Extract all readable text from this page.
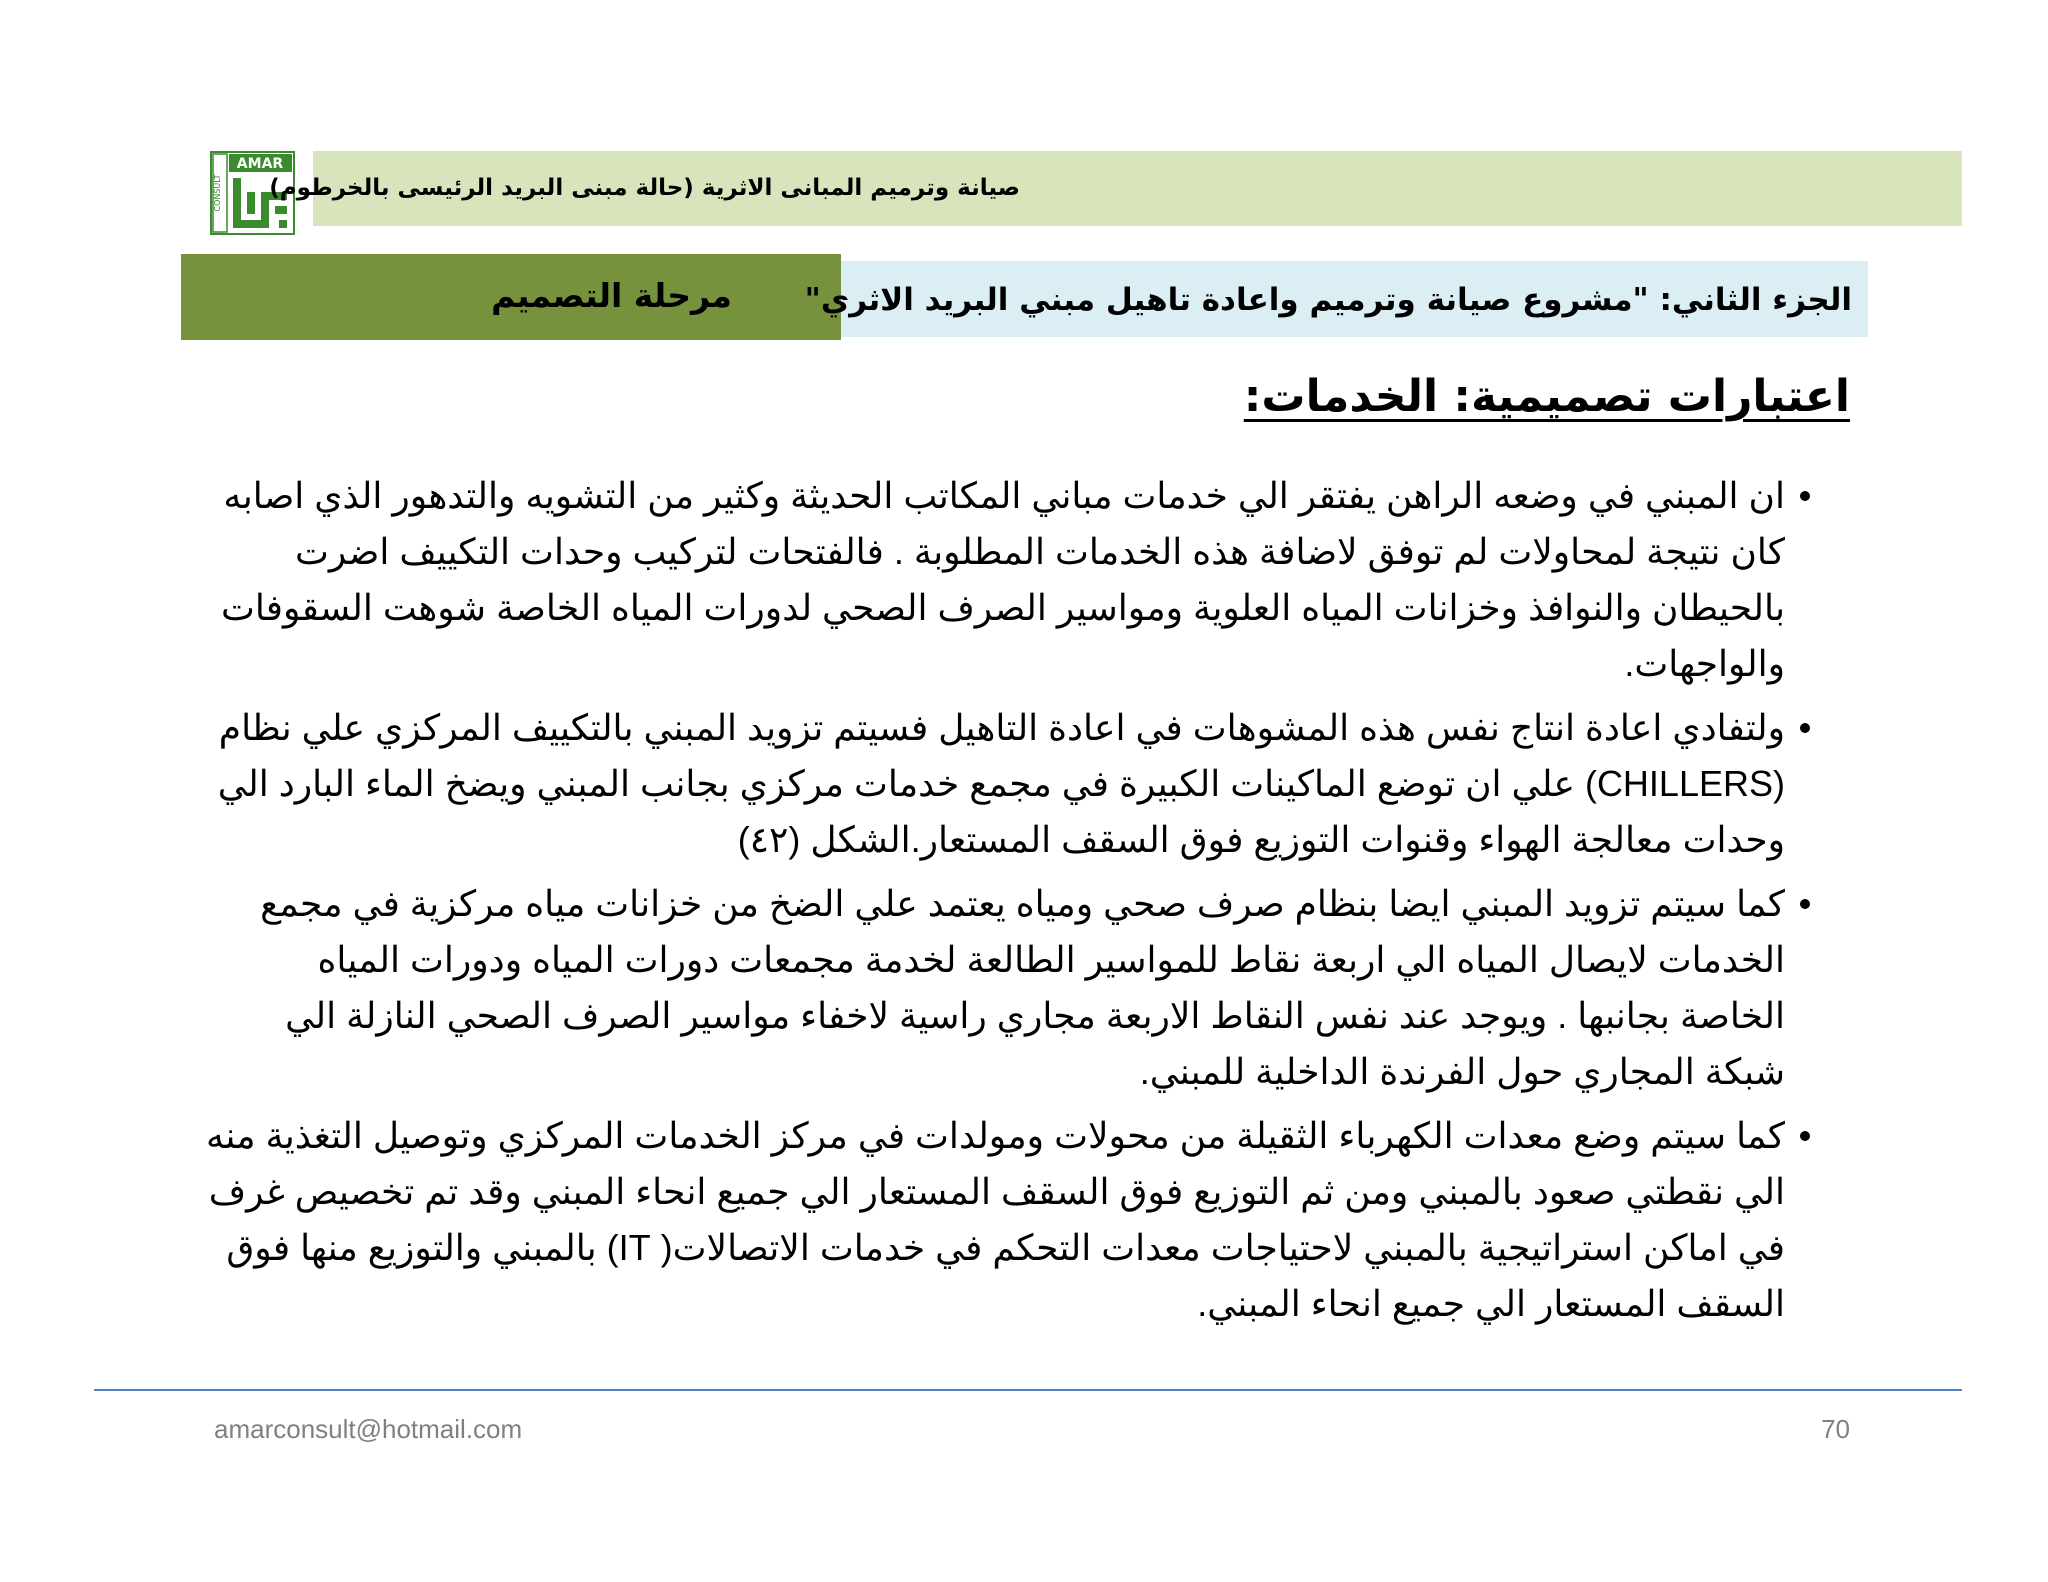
CONSULT
AMAR
صيانة وترميم المبانى الاثرية (حالة مبنى البريد الرئيسى بالخرطوم)
مرحلة التصميم الجزء الثاني: "مشروع صيانة وترميم واعادة تاهيل مبني البريد الاثري"
اعتبارات تصميمية: الخدمات:
ان المبني في وضعه الراهن يفتقر الي خدمات مباني المكاتب الحديثة وكثير من التشويه والتدهور الذي اصابه كان نتيجة لمحاولات لم توفق لاضافة هذه الخدمات المطلوبة . فالفتحات لتركيب وحدات التكييف اضرت بالحيطان والنوافذ وخزانات المياه العلوية ومواسير الصرف الصحي لدورات المياه الخاصة شوهت السقوفات والواجهات.
ولتفادي اعادة انتاج نفس هذه المشوهات في اعادة التاهيل فسيتم تزويد المبني بالتكييف المركزي علي نظام (CHILLERS) علي ان توضع الماكينات الكبيرة في مجمع خدمات مركزي بجانب المبني ويضخ الماء البارد الي وحدات معالجة الهواء وقنوات التوزيع فوق السقف المستعار.الشكل (٤٢)
كما سيتم تزويد المبني ايضا بنظام صرف صحي ومياه يعتمد علي الضخ من خزانات مياه مركزية في مجمع الخدمات لايصال المياه الي اربعة نقاط للمواسير الطالعة لخدمة مجمعات دورات المياه ودورات المياه الخاصة بجانبها . ويوجد عند نفس النقاط الاربعة مجاري راسية لاخفاء مواسير الصرف الصحي النازلة الي شبكة المجاري حول الفرندة الداخلية للمبني.
كما سيتم وضع معدات الكهرباء الثقيلة من محولات ومولدات في مركز الخدمات المركزي وتوصيل التغذية منه الي نقطتي صعود بالمبني ومن ثم التوزيع فوق السقف المستعار الي جميع انحاء المبني وقد تم تخصيص غرف في اماكن استراتيجية بالمبني لاحتياجات معدات التحكم في خدمات الاتصالات( IT) بالمبني والتوزيع منها فوق السقف المستعار الي جميع انحاء المبني.
amarconsult@hotmail.com	70
